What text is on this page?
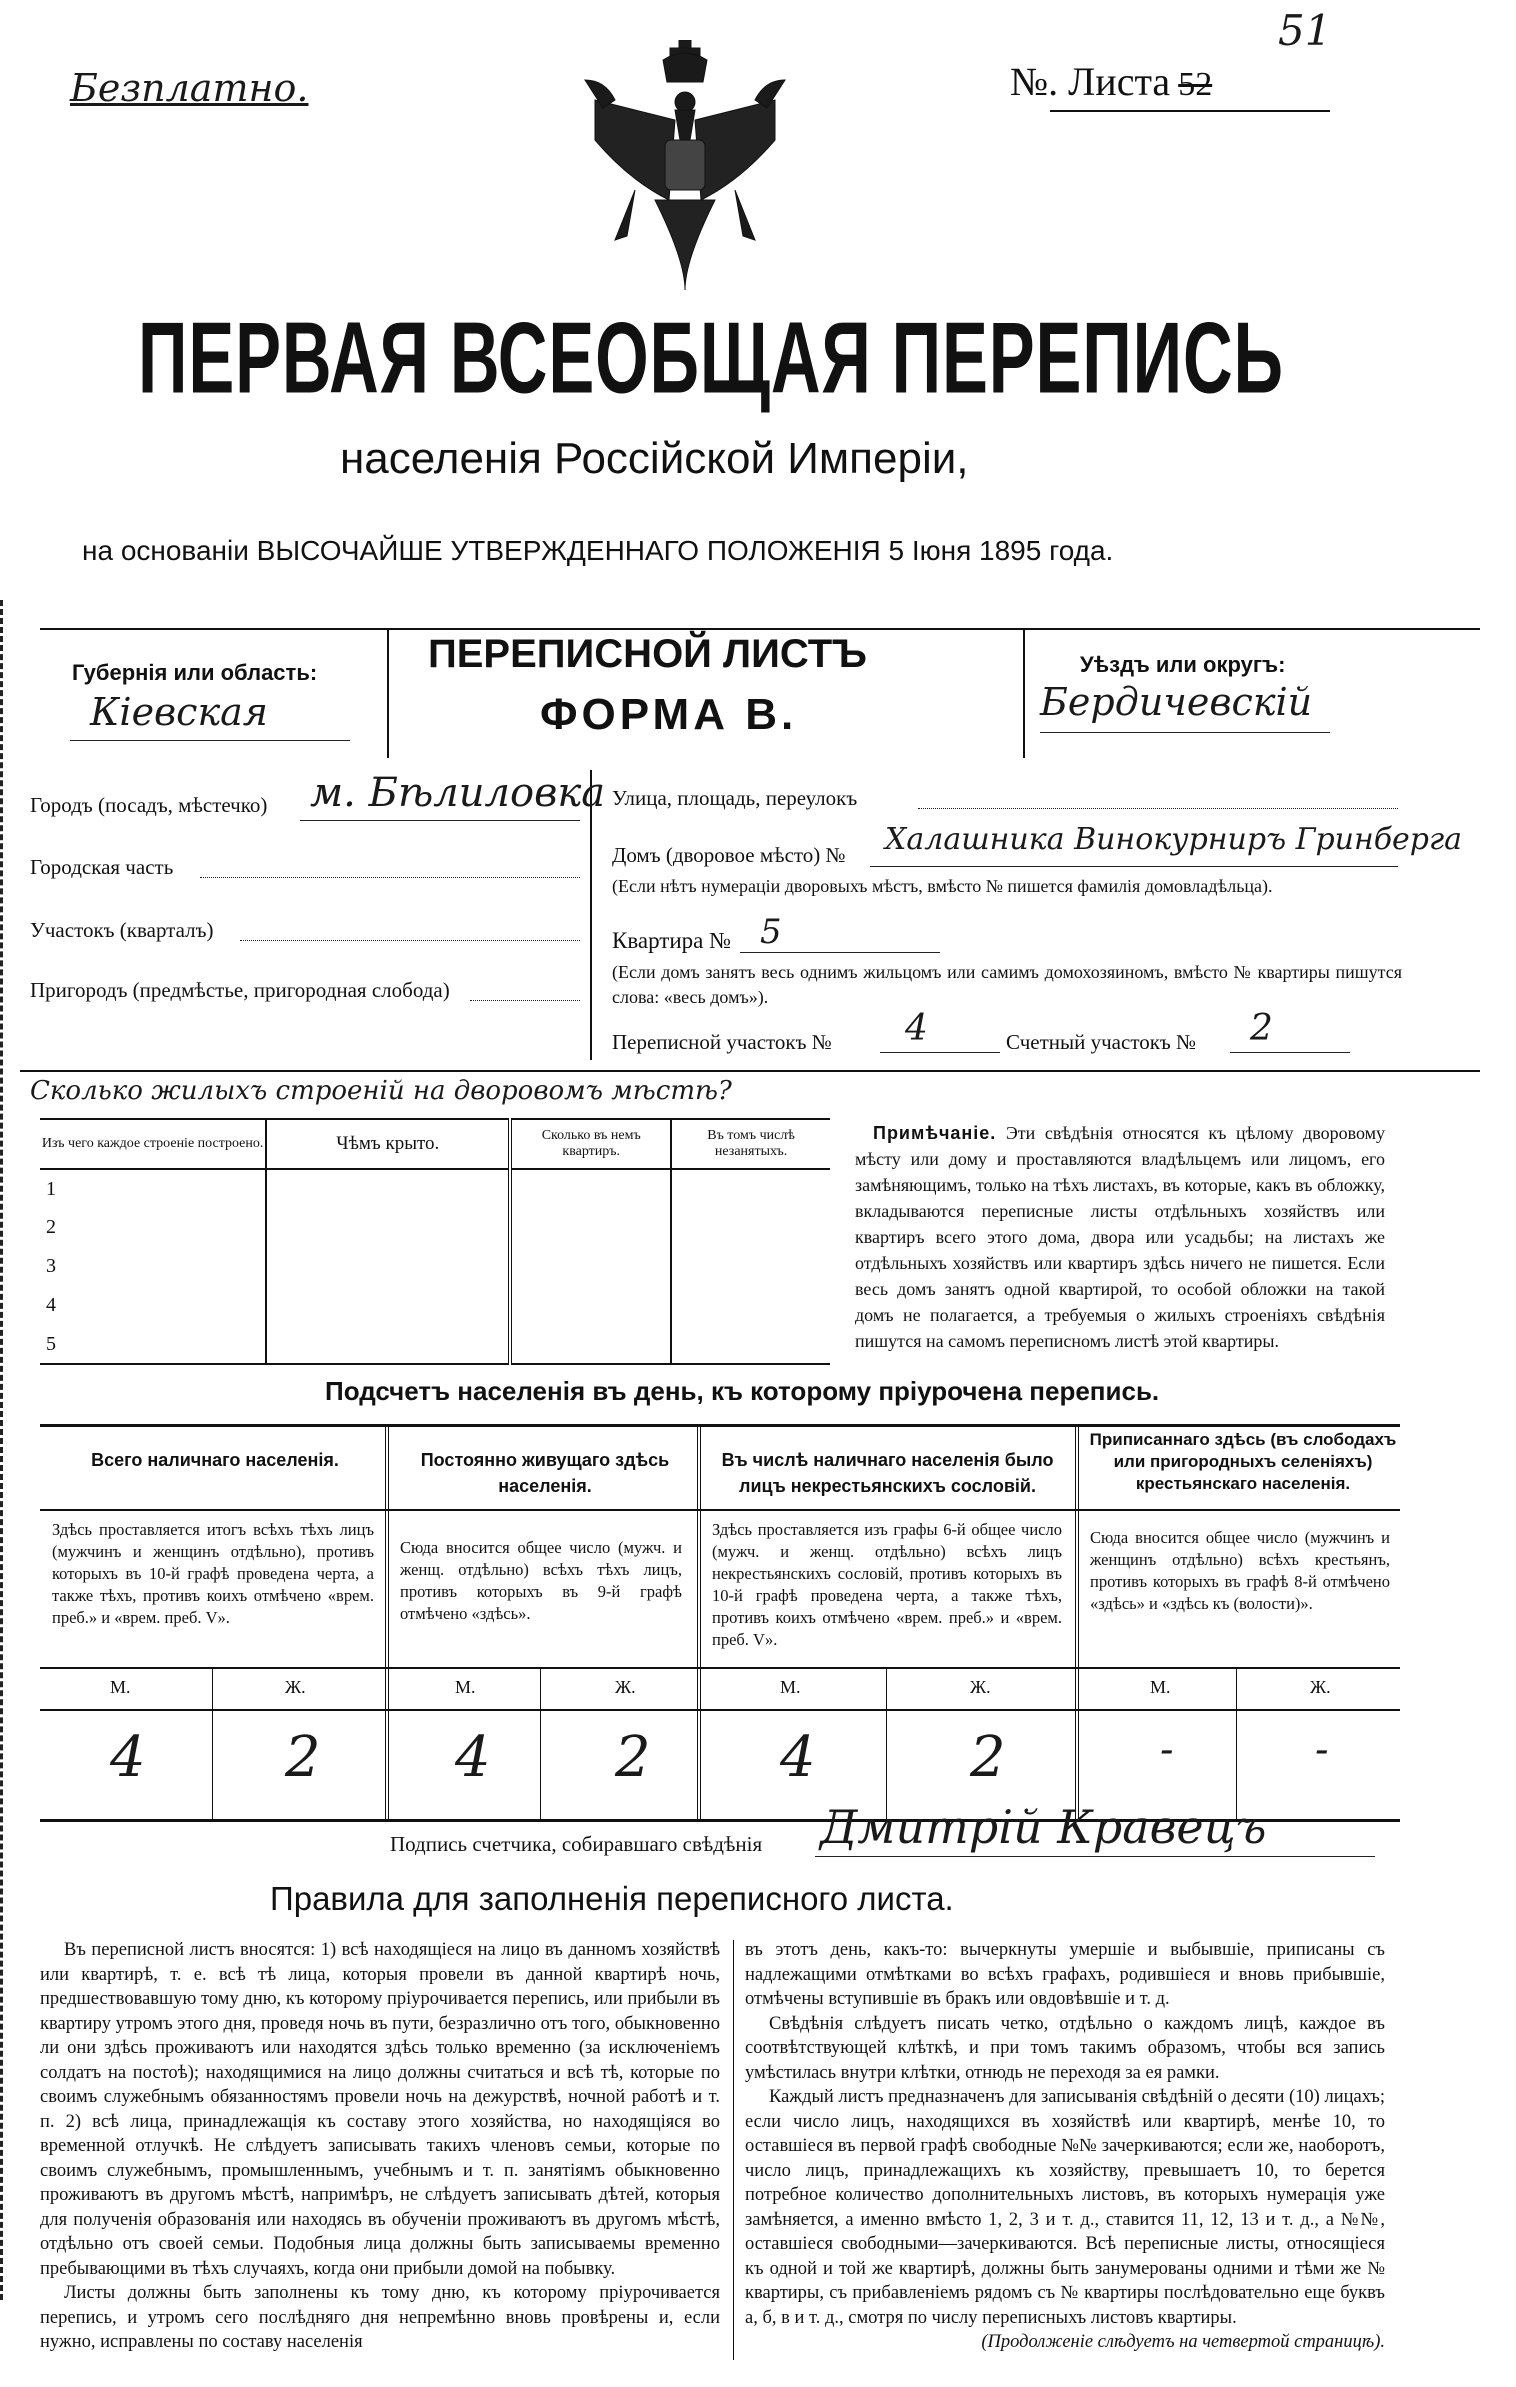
Безплатно.	№. Листа 52
51
ПЕРВАЯ ВСЕОБЩАЯ ПЕРЕПИСЬ
населенія Россійской Имперіи,
на основаніи ВЫСОЧАЙШЕ УТВЕРЖДЕННАГО ПОЛОЖЕНІЯ 5 Іюня 1895 года.
Губернія или область:
Кіевская
ПЕРЕПИСНОЙ ЛИСТЪ
ФОРМА В.
Уѣздъ или округъ:
Бердичевскій
Городъ (посадъ, мѣстечко) м. Бѣлиловка
Городская часть
Участокъ (кварталъ)
Пригородъ (предмѣстье, пригородная слобода)
Улица, площадь, переулокъ
Домъ (дворовое мѣсто) № Халашника Винокурниръ Гринберга
(Если нѣтъ нумераціи дворовыхъ мѣстъ, вмѣсто № пишется фамилія домовладѣльца).
Квартира № 5
(Если домъ занятъ весь однимъ жильцомъ или самимъ домохозяиномъ, вмѣсто № квартиры пишутся слова: «весь домъ»).
Переписной участокъ № 4	Счетный участокъ № 2
Сколько жилыхъ строеній на дворовомъ мѣстѣ?
Изъ чего каждое строеніе построено.	Чѣмъ крыто.	Сколько въ немъ квартиръ.	Въ томъ числѣ незанятыхъ.
1			
2			
3			
4			
5			
Примѣчаніе. Эти свѣдѣнія относятся къ цѣлому дворовому мѣсту или дому и проставляются владѣльцемъ или лицомъ, его замѣняющимъ, только на тѣхъ листахъ, въ которые, какъ въ обложку, вкладываются переписные листы отдѣльныхъ хозяйствъ или квартиръ всего этого дома, двора или усадьбы; на листахъ же отдѣльныхъ хозяйствъ или квартиръ здѣсь ничего не пишется. Если весь домъ занятъ одной квартирой, то особой обложки на такой домъ не полагается, а требуемыя о жилыхъ строеніяхъ свѣдѣнія пишутся на самомъ переписномъ листѣ этой квартиры.
Подсчетъ населенія въ день, къ которому пріурочена перепись.
Всего наличнаго населенія.
Здѣсь проставляется итогъ всѣхъ тѣхъ лицъ (мужчинъ и женщинъ отдѣльно), противъ которыхъ въ 10-й графѣ проведена черта, а также тѣхъ, противъ коихъ отмѣчено «врем. преб.» и «врем. преб. V».
М.	Ж.
4 2
Постоянно живущаго здѣсь населенія.
Сюда вносится общее число (мужч. и женщ. отдѣльно) всѣхъ тѣхъ лицъ, противъ которыхъ въ 9-й графѣ отмѣчено «здѣсь».
М.	Ж.
4 2
Въ числѣ наличнаго населенія было лицъ некрестьянскихъ сословій.
Здѣсь проставляется изъ графы 6-й общее число (мужч. и женщ. отдѣльно) всѣхъ лицъ некрестьянскихъ сословій, противъ которыхъ въ 10-й графѣ проведена черта, а также тѣхъ, противъ коихъ отмѣчено «врем. преб.» и «врем. преб. V».
М.	Ж.
4	2
Приписаннаго здѣсь (въ слободахъ или пригородныхъ селеніяхъ) крестьянскаго населенія.
Сюда вносится общее число (мужчинъ и женщинъ отдѣльно) всѣхъ крестьянъ, противъ которыхъ въ графѣ 8-й отмѣчено «здѣсь» и «здѣсь къ (волости)».
М.	Ж.
-	-
Подпись счетчика, собиравшаго свѣдѣнія Дмитрій Кравецъ
Правила для заполненія переписного листа.
Въ переписной листъ вносятся: 1) всѣ находящіеся на лицо въ данномъ хозяйствѣ или квартирѣ, т. е. всѣ тѣ лица, которыя провели въ данной квартирѣ ночь, предшествовавшую тому дню, къ которому пріурочивается перепись, или прибыли въ квартиру утромъ этого дня, проведя ночь въ пути, безразлично отъ того, обыкновенно ли они здѣсь проживаютъ или находятся здѣсь только временно (за исключеніемъ солдатъ на постоѣ); находящимися на лицо должны считаться и всѣ тѣ, которые по своимъ служебнымъ обязанностямъ провели ночь на дежурствѣ, ночной работѣ и т. п. 2) всѣ лица, принадлежащія къ составу этого хозяйства, но находящіяся во временной отлучкѣ. Не слѣдуетъ записывать такихъ членовъ семьи, которые по своимъ служебнымъ, промышленнымъ, учебнымъ и т. п. занятіямъ обыкновенно проживаютъ въ другомъ мѣстѣ, напримѣръ, не слѣдуетъ записывать дѣтей, которыя для полученія образованія или находясь въ обученіи проживаютъ въ другомъ мѣстѣ, отдѣльно отъ своей семьи. Подобныя лица должны быть записываемы временно пребывающими въ тѣхъ случаяхъ, когда они прибыли домой на побывку.
Листы должны быть заполнены къ тому дню, къ которому пріурочивается перепись, и утромъ сего послѣдняго дня непремѣнно вновь провѣрены и, если нужно, исправлены по составу населенія
въ этотъ день, какъ-то: вычеркнуты умершіе и выбывшіе, приписаны съ надлежащими отмѣтками во всѣхъ графахъ, родившіеся и вновь прибывшіе, отмѣчены вступившіе въ бракъ или овдовѣвшіе и т. д.
Свѣдѣнія слѣдуетъ писать четко, отдѣльно о каждомъ лицѣ, каждое въ соотвѣтствующей клѣткѣ, и при томъ такимъ образомъ, чтобы вся запись умѣстилась внутри клѣтки, отнюдь не переходя за ея рамки.
Каждый листъ предназначенъ для записыванія свѣдѣній о десяти (10) лицахъ; если число лицъ, находящихся въ хозяйствѣ или квартирѣ, менѣе 10, то оставшіеся въ первой графѣ свободные №№ зачеркиваются; если же, наоборотъ, число лицъ, принадлежащихъ къ хозяйству, превышаетъ 10, то берется потребное количество дополнительныхъ листовъ, въ которыхъ нумерація уже замѣняется, а именно вмѣсто 1, 2, 3 и т. д., ставится 11, 12, 13 и т. д., а №№, оставшіеся свободными—зачеркиваются. Всѣ переписные листы, относящіеся къ одной и той же квартирѣ, должны быть занумерованы одними и тѣми же № квартиры, съ прибавленіемъ рядомъ съ № квартиры послѣдовательно еще буквъ а, б, в и т. д., смотря по числу переписныхъ листовъ квартиры.
(Продолженіе слѣдуетъ на четвертой страницѣ).
